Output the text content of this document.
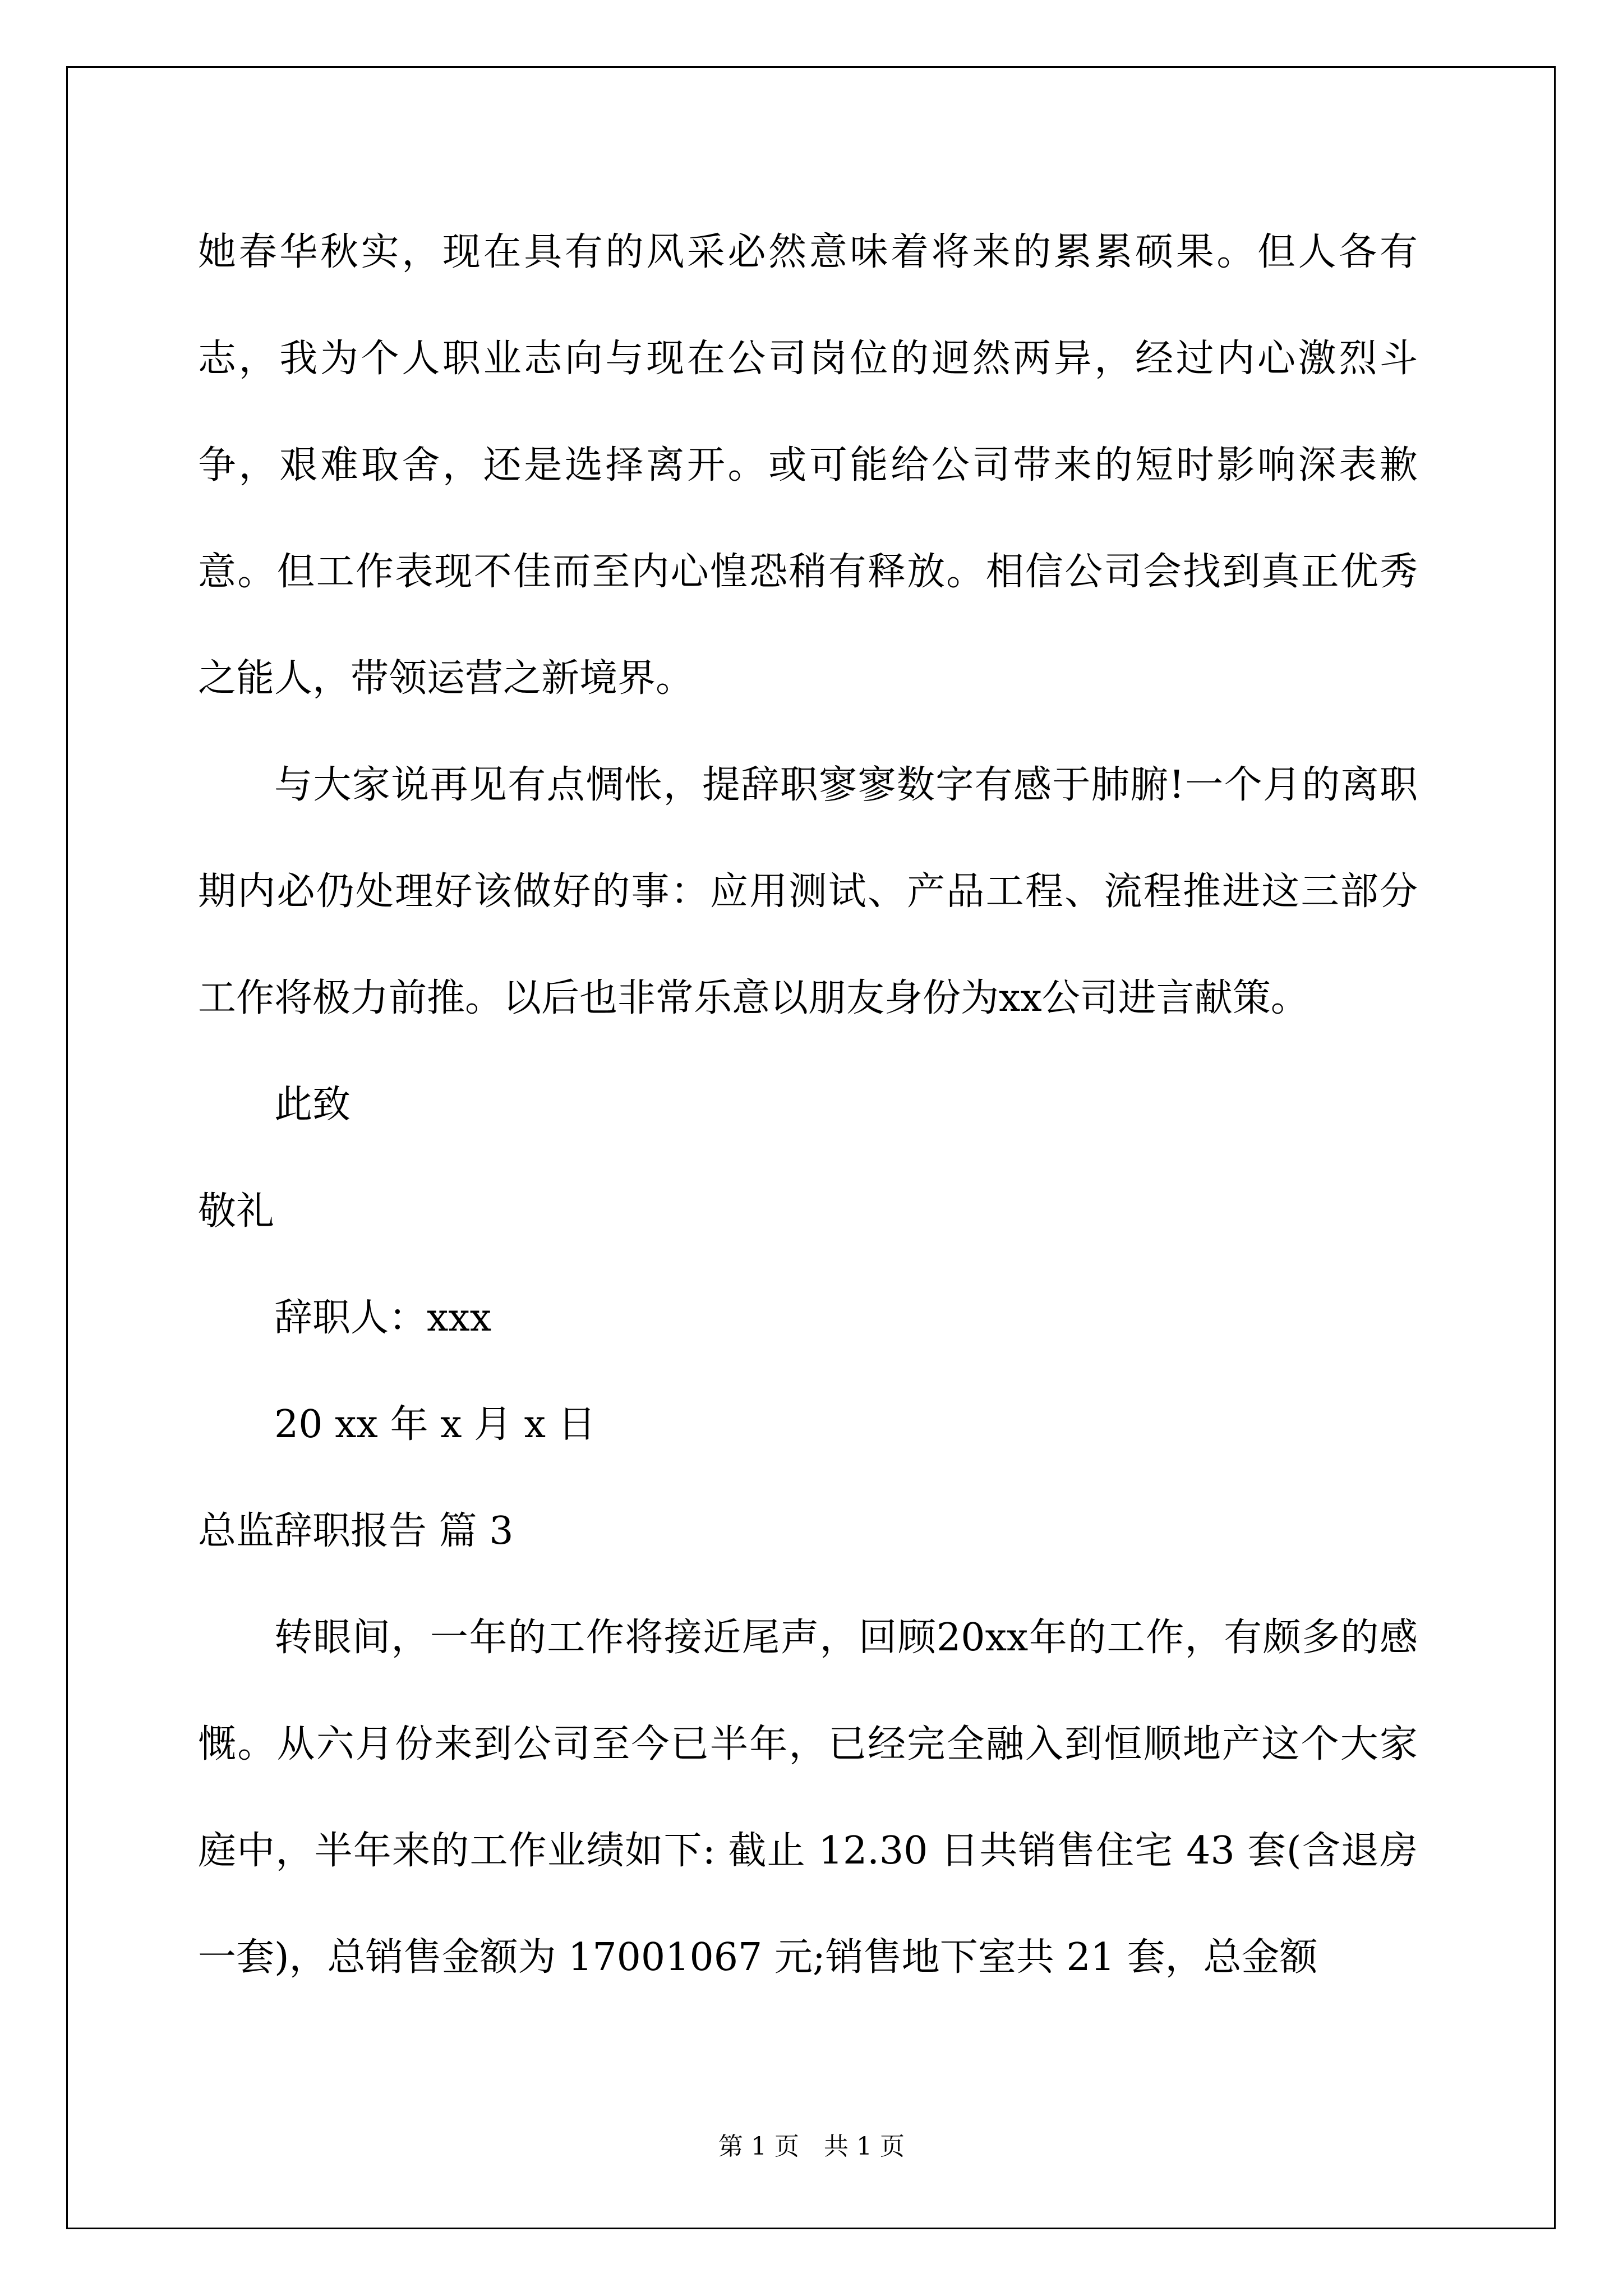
她春华秋实，现在具有的风采必然意味着将来的累累硕果。但人各有志，我为个人职业志向与现在公司岗位的迥然两异，经过内心激烈斗争，艰难取舍，还是选择离开。或可能给公司带来的短时影响深表歉意。但工作表现不佳而至内心惶恐稍有释放。相信公司会找到真正优秀之能人，带领运营之新境界。

与大家说再见有点惆怅，提辞职寥寥数字有感于肺腑!一个月的离职期内必仍处理好该做好的事：应用测试、产品工程、流程推进这三部分工作将极力前推。以后也非常乐意以朋友身份为xx公司进言献策。

此致

敬礼

辞职人：xxx

20 xx 年 x 月 x 日

总监辞职报告 篇 3

转眼间，一年的工作将接近尾声，回顾20xx年的工作，有颇多的感慨。从六月份来到公司至今已半年，已经完全融入到恒顺地产这个大家庭中，半年来的工作业绩如下: 截止 12.30 日共销售住宅 43 套(含退房一套)，总销售金额为 17001067 元;销售地下室共 21 套，总金额

第 1 页　共 1 页
